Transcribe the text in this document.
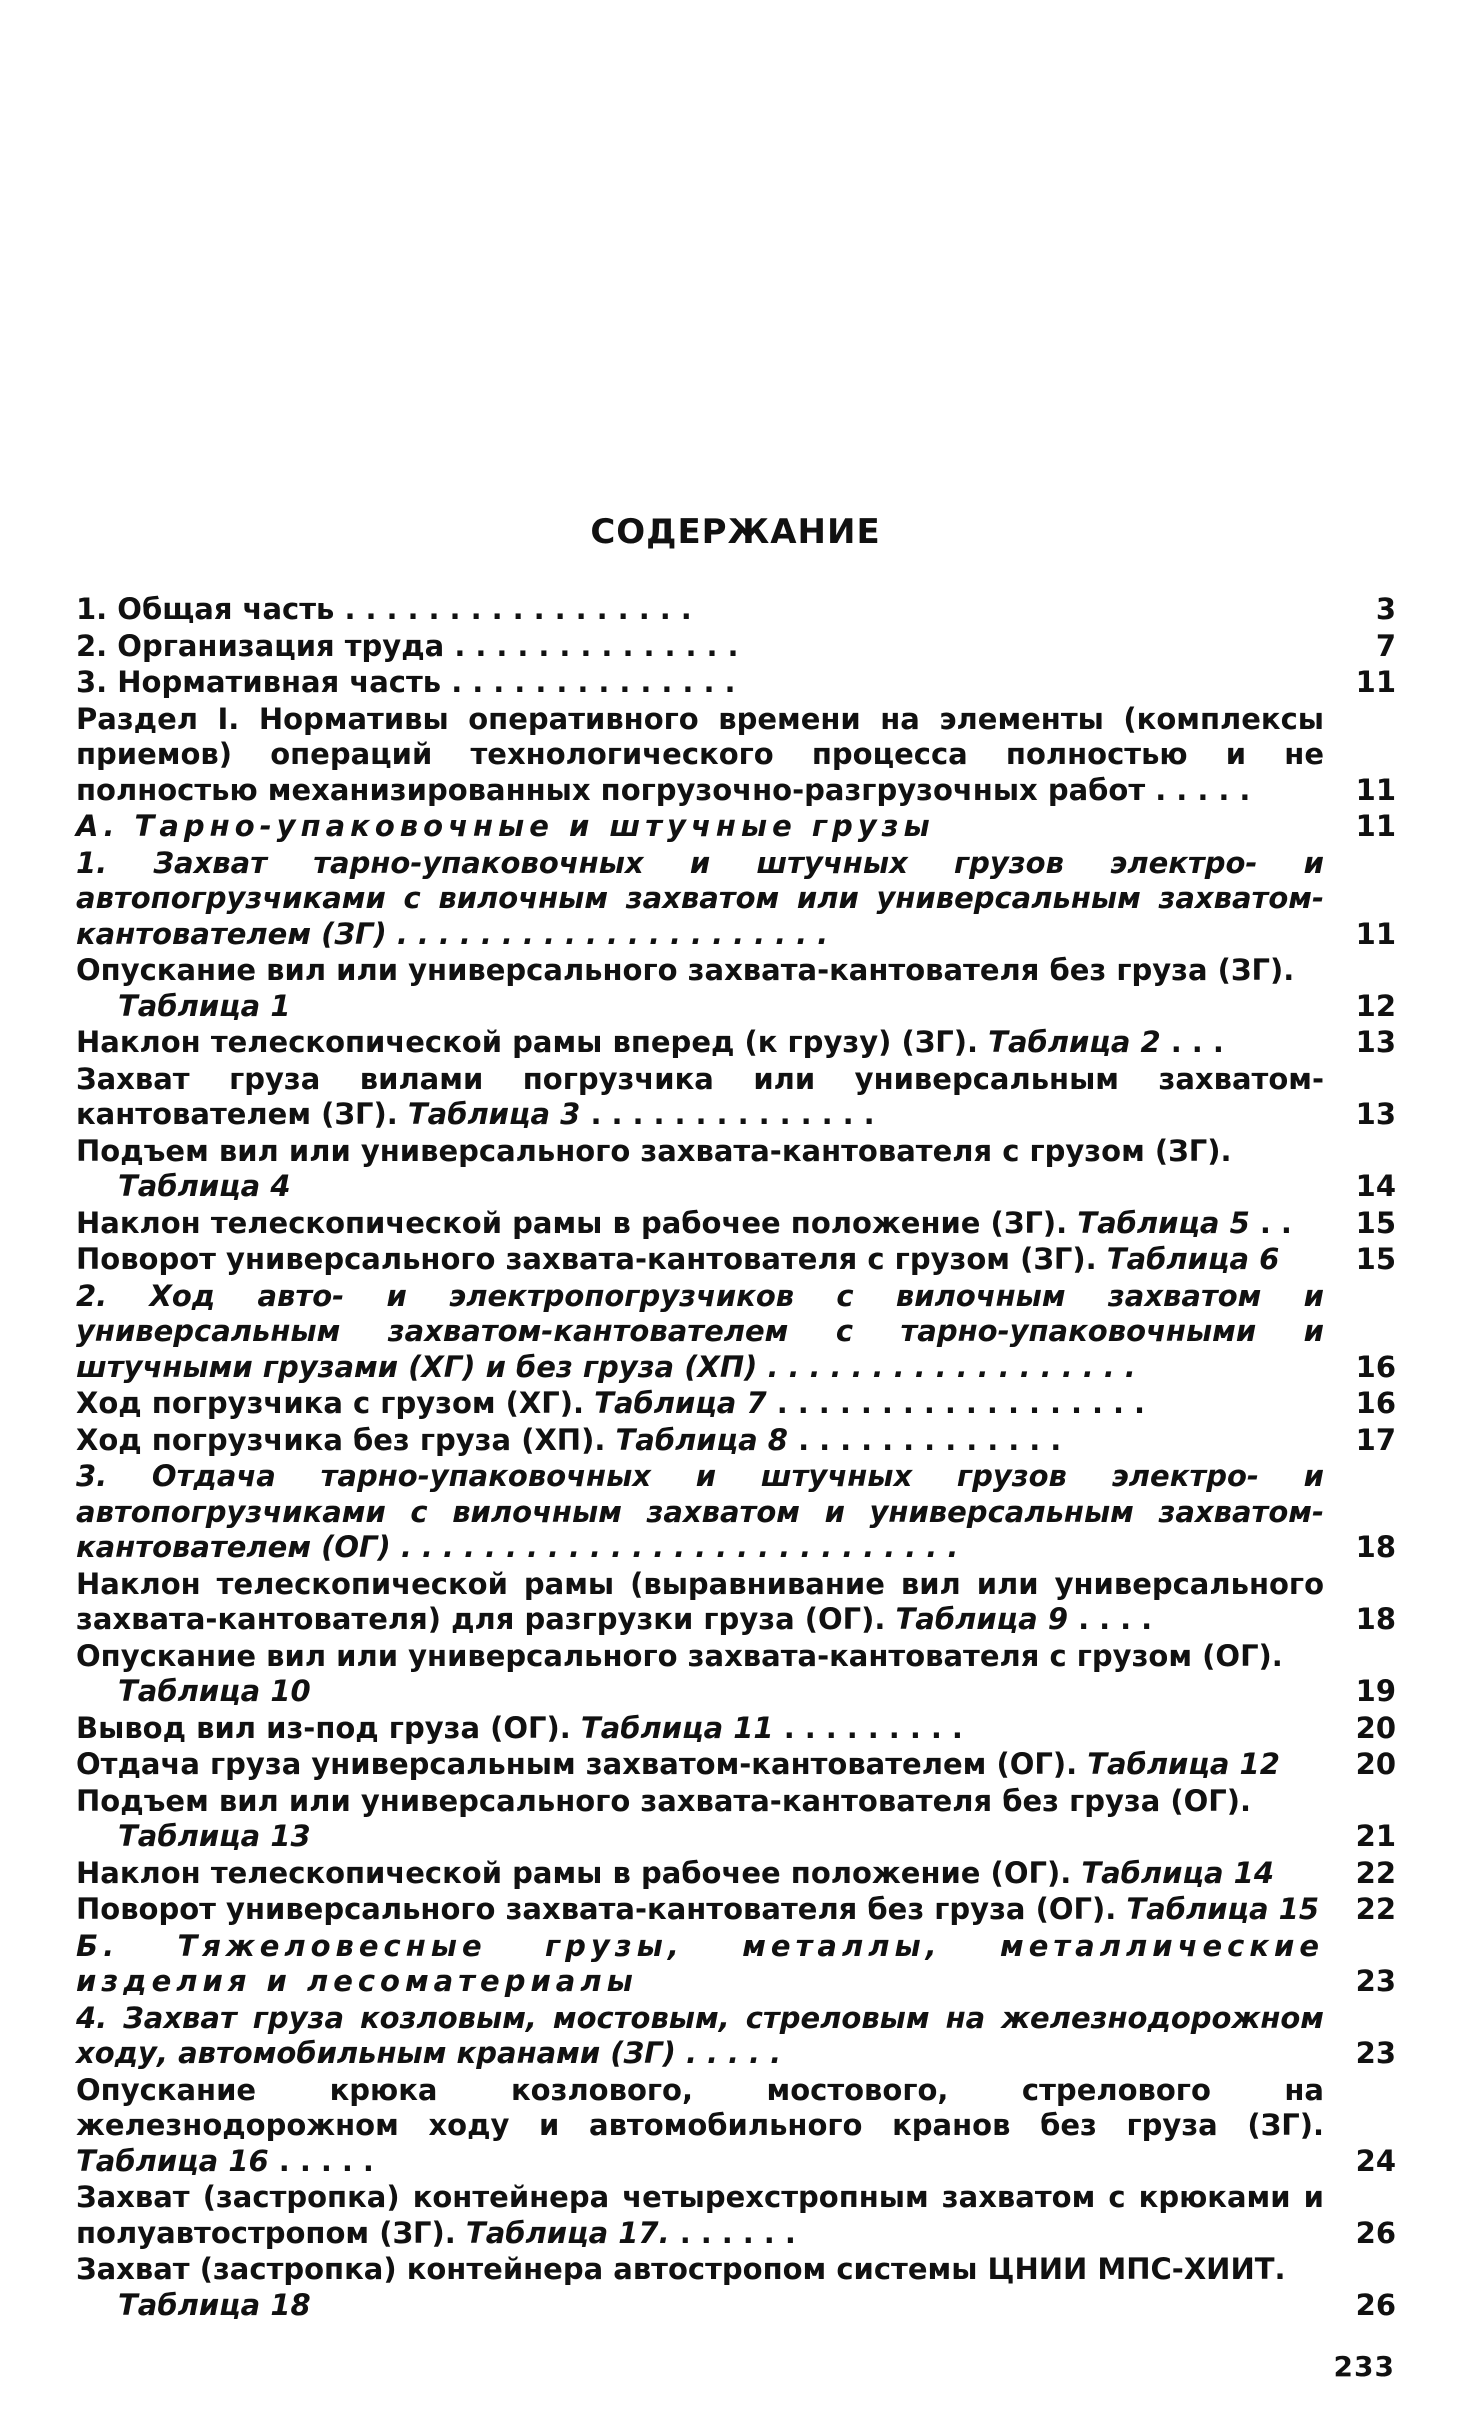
СОДЕРЖАНИЕ
1. Общая часть .................	3
2. Организация труда ..............	7
3. Нормативная часть ..............	11
Раздел I. Нормативы оперативного времени на элементы (комплексы приемов) операций технологического процесса полностью и не полностью механизированных погрузочно-разгрузочных работ .....	11
А. Тарно-упаковочные и штучные грузы	11
1. Захват тарно-упаковочных и штучных грузов электро- и автопогрузчиками с вилочным захватом или универсальным захватом-кантователем (ЗГ) .....................	11
Опускание вил или универсального захвата-кантователя без груза (ЗГ).
Таблица 1	12
Наклон телескопической рамы вперед (к грузу) (ЗГ). Таблица 2 ...	13
Захват груза вилами погрузчика или универсальным захватом-кантователем (ЗГ). Таблица 3 ..............	13
Подъем вил или универсального захвата-кантователя с грузом (ЗГ).
Таблица 4	14
Наклон телескопической рамы в рабочее положение (ЗГ). Таблица 5 ..	15
Поворот универсального захвата-кантователя с грузом (ЗГ). Таблица 6	15
2. Ход авто- и электропогрузчиков с вилочным захватом и универсальным захватом-кантователем с тарно-упаковочными и штучными грузами (ХГ) и без груза (ХП) ..................	16
Ход погрузчика с грузом (ХГ). Таблица 7 ..................	16
Ход погрузчика без груза (ХП). Таблица 8 .............	17
3. Отдача тарно-упаковочных и штучных грузов электро- и автопогрузчиками с вилочным захватом и универсальным захватом-кантователем (ОГ) ...........................	18
Наклон телескопической рамы (выравнивание вил или универсального захвата-кантователя) для разгрузки груза (ОГ). Таблица 9 ....	18
Опускание вил или универсального захвата-кантователя с грузом (ОГ).
Таблица 10	19
Вывод вил из-под груза (ОГ). Таблица 11 .........	20
Отдача груза универсальным захватом-кантователем (ОГ). Таблица 12	20
Подъем вил или универсального захвата-кантователя без груза (ОГ).
Таблица 13	21
Наклон телескопической рамы в рабочее положение (ОГ). Таблица 14	22
Поворот универсального захвата-кантователя без груза (ОГ). Таблица 15	22
Б. Тяжеловесные грузы, металлы, металлические изделия и лесоматериалы	23
4. Захват груза козловым, мостовым, стреловым на железнодорожном ходу, автомобильным кранами (ЗГ) .....	23
Опускание крюка козлового, мостового, стрелового на железнодорожном ходу и автомобильного кранов без груза (ЗГ). Таблица 16 .....	24
Захват (застропка) контейнера четырехстропным захватом с крюками и полуавтостропом (ЗГ). Таблица 17. ......	26
Захват (застропка) контейнера автостропом системы ЦНИИ МПС-ХИИТ.
Таблица 18	26
233
